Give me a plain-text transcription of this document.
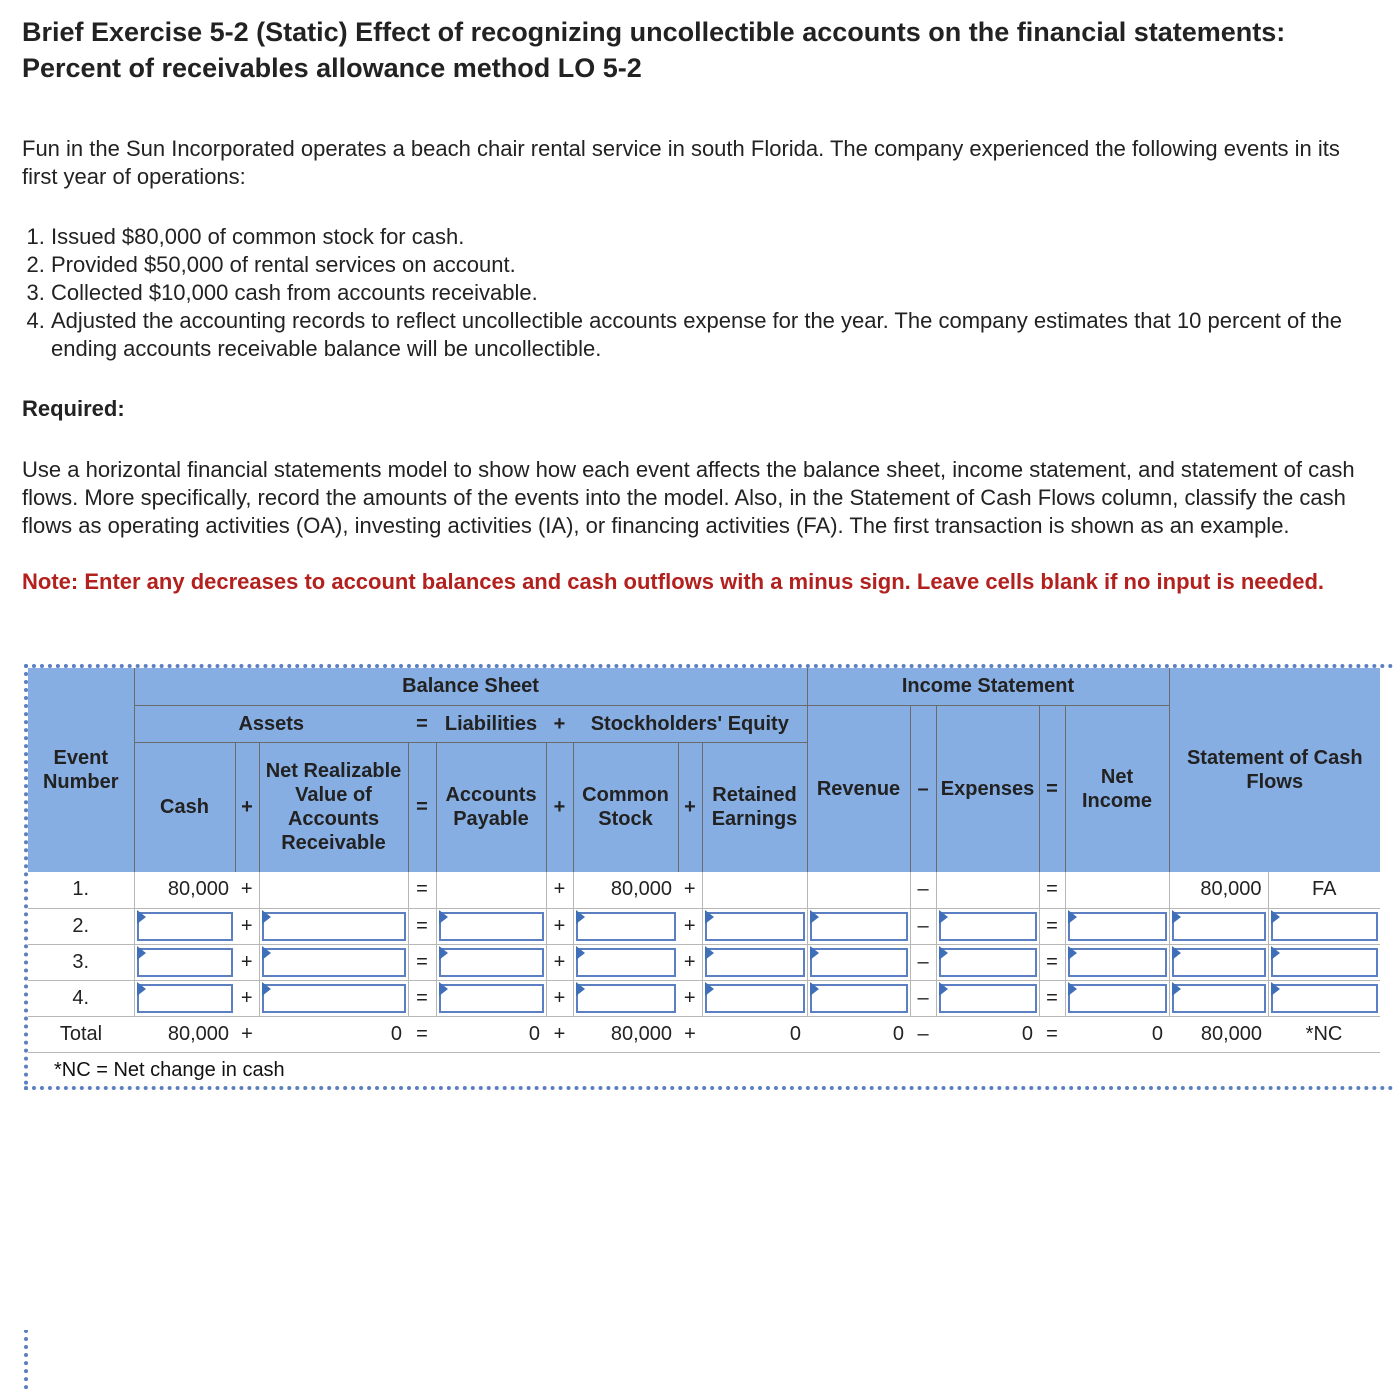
Brief Exercise 5-2 (Static) Effect of recognizing uncollectible accounts on the financial statements: Percent of receivables allowance method LO 5-2
Fun in the Sun Incorporated operates a beach chair rental service in south Florida. The company experienced the following events in its first year of operations:
1. Issued $80,000 of common stock for cash.
2. Provided $50,000 of rental services on account.
3. Collected $10,000 cash from accounts receivable.
4. Adjusted the accounting records to reflect uncollectible accounts expense for the year. The company estimates that 10 percent of the ending accounts receivable balance will be uncollectible.
Required:
Use a horizontal financial statements model to show how each event affects the balance sheet, income statement, and statement of cash flows. More specifically, record the amounts of the events into the model. Also, in the Statement of Cash Flows column, classify the cash flows as operating activities (OA), investing activities (IA), or financing activities (FA). The first transaction is shown as an example.
Note: Enter any decreases to account balances and cash outflows with a minus sign. Leave cells blank if no input is needed.
Event Number	Balance Sheet									Income Statement					Statement of Cash Flows	
	Assets			=	Liabilities	+	Stockholders' Equity			Revenue	–	Expenses	=	Net Income		
	Cash	+	Net Realizable Value of Accounts Receivable	=	Accounts Payable	+	Common Stock	+	Retained Earnings							
1.	80,000	+		=		+	80,000	+			–		=		80,000	FA
2.		+		=		+		+			–		=	

3.		+		=		+		+			–		=	

4.		+		=		+		+			–		=	

Total	80,000	+	0	=	0	+	80,000	+	0	0	–	0	=	0	80,000	*NC
*NC = Net change in cash																
